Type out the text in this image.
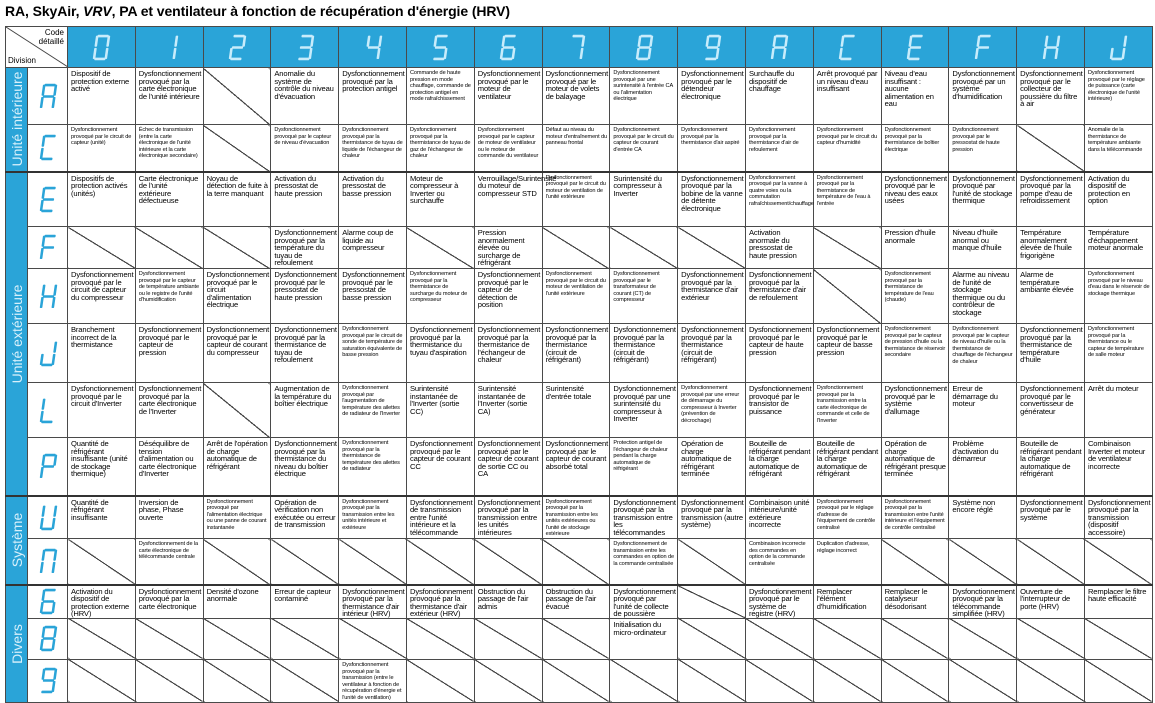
RA, SkyAir, VRV, PA et ventilateur à fonction de récupération d'énergie (HRV)
Code
détaillé
Division

Unité intérieure		Dispositif de protection externe activé	Dysfonctionnement provoqué par la carte électronique de l'unité intérieure		Anomalie du système de contrôle du niveau d'évacuation	Dysfonctionnement provoqué par la protection antigel	Commande de haute pression en mode chauffage, commande de protection antigel en mode rafraîchissement	Dysfonctionnement provoqué par le moteur de ventilateur	Dysfonctionnement provoqué par le moteur de volets de balayage	Dysfonctionnement provoqué par une surintensité à l'entrée CA ou l'alimentation électrique	Dysfonctionnement provoqué par le détendeur électronique	Surchauffe du dispositif de chauffage	Arrêt provoqué par un niveau d'eau insuffisant	Niveau d'eau insuffisant : aucune alimentation en eau	Dysfonctionnement provoqué par un système d'humidification	Dysfonctionnement provoqué par le collecteur de poussière du filtre à air	Dysfonctionnement provoqué par le réglage de puissance (carte électronique de l'unité intérieure)

	Dysfonctionnement provoqué par le circuit de capteur (unité)	Échec de transmission (entre la carte électronique de l'unité intérieure et la carte électronique secondaire)		Dysfonctionnement provoqué par le capteur de niveau d'évacuation	Dysfonctionnement provoqué par la thermistance de tuyau de liquide de l'échangeur de chaleur	Dysfonctionnement provoqué par la thermistance de tuyau de gaz de l'échangeur de chaleur	Dysfonctionnement provoqué par le capteur de moteur de ventilateur ou le moteur de commande du ventilateur	Défaut au niveau du moteur d'entraînement du panneau frontal	Dysfonctionnement provoqué par le circuit du capteur de courant d'entrée CA	Dysfonctionnement provoqué par la thermistance d'air aspiré	Dysfonctionnement provoqué par la thermistance d'air de refoulement	Dysfonctionnement provoqué par le circuit du capteur d'humidité	Dysfonctionnement provoqué par la thermistance de boîtier électrique	Dysfonctionnement provoqué par le pressostat de haute pression		Anomalie de la thermistance de température ambiante dans la télécommande

Unité extérieure		Dispositifs de protection activés (unités)	Carte électronique de l'unité extérieure défectueuse	Noyau de détection de fuite à la terre manquant	Activation du pressostat de haute pression	Activation du pressostat de basse pression	Moteur de compresseur à Inverter ou surchauffe	Verrouillage/Surintensité du moteur de compresseur STD	Dysfonctionnement provoqué par le circuit du moteur de ventilation de l'unité extérieure	Surintensité du compresseur à Inverter	Dysfonctionnement provoqué par la bobine de la vanne de détente électronique	Dysfonctionnement provoqué par la vanne à quatre voies ou la commutation rafraîchissement/chauffage	Dysfonctionnement provoqué par la thermistance de température de l'eau à l'entrée	Dysfonctionnement provoqué par le niveau des eaux usées	Dysfonctionnement provoqué par l'unité de stockage thermique	Dysfonctionnement provoqué par la pompe d'eau de refroidissement	Activation du dispositif de protection en option

				Dysfonctionnement provoqué par la température du tuyau de refoulement	Alarme coup de liquide au compresseur		Pression anormalement élevée ou surcharge de réfrigérant				Activation anormale du pressostat de haute pression		Pression d'huile anormale	Niveau d'huile anormal ou manque d'huile	Température anormalement élevée de l'huile frigorigène	Température d'échappement moteur anormale

	Dysfonctionnement provoqué par le circuit de capteur du compresseur	Dysfonctionnement provoqué par le capteur de température ambiante ou le registre de l'unité d'humidification	Dysfonctionnement provoqué par le circuit d'alimentation électrique	Dysfonctionnement provoqué par le pressostat de haute pression	Dysfonctionnement provoqué par le pressostat de basse pression	Dysfonctionnement provoqué par la thermistance de surcharge du moteur de compresseur	Dysfonctionnement provoqué par le capteur de détection de position	Dysfonctionnement provoqué par le circuit du moteur de ventilation de l'unité extérieure	Dysfonctionnement provoqué par le transformateur de courant (CT) de compresseur	Dysfonctionnement provoqué par la thermistance d'air extérieur	Dysfonctionnement provoqué par la thermistance d'air de refoulement		Dysfonctionnement provoqué par la thermistance de température de l'eau (chaude)	Alarme au niveau de l'unité de stockage thermique ou du contrôleur de stockage	Alarme de température ambiante élevée	Dysfonctionnement provoqué par le niveau d'eau dans le réservoir de stockage thermique

	Branchement incorrect de la thermistance	Dysfonctionnement provoqué par le capteur de pression	Dysfonctionnement provoqué par le capteur de courant du compresseur	Dysfonctionnement provoqué par la thermistance de tuyau de refoulement	Dysfonctionnement provoqué par le circuit de sonde de température de saturation équivalente de basse pression	Dysfonctionnement provoqué par la thermistance du tuyau d'aspiration	Dysfonctionnement provoqué par la thermistance de l'échangeur de chaleur	Dysfonctionnement provoqué par la thermistance (circuit de réfrigérant)	Dysfonctionnement provoqué par la thermistance (circuit de réfrigérant)	Dysfonctionnement provoqué par la thermistance (circuit de réfrigérant)	Dysfonctionnement provoqué par le capteur de haute pression	Dysfonctionnement provoqué par le capteur de basse pression	Dysfonctionnement provoqué par le capteur de pression d'huile ou la thermistance de réservoir secondaire	Dysfonctionnement provoqué par le capteur de niveau d'huile ou la thermistance de chauffage de l'échangeur de chaleur	Dysfonctionnement provoqué par la thermistance de température d'huile	Dysfonctionnement provoqué par la thermistance ou le capteur de température de salle moteur

	Dysfonctionnement provoqué par le circuit d'Inverter	Dysfonctionnement provoqué par la carte électronique de l'Inverter		Augmentation de la température du boîtier électrique	Dysfonctionnement provoqué par l'augmentation de température des ailettes de radiateur de l'Inverter	Surintensité instantanée de l'Inverter (sortie CC)	Surintensité instantanée de l'Inverter (sortie CA)	Surintensité d'entrée totale	Dysfonctionnement provoqué par une surintensité du compresseur à Inverter	Dysfonctionnement provoqué par une erreur de démarrage du compresseur à Inverter (prévention de décrochage)	Dysfonctionnement provoqué par le transistor de puissance	Dysfonctionnement provoqué par la transmission entre la carte électronique de commande et celle de l'Inverter	Dysfonctionnement provoqué par le système d'allumage	Erreur de démarrage du moteur	Dysfonctionnement provoqué par le convertisseur de générateur	Arrêt du moteur

	Quantité de réfrigérant insuffisante (unité de stockage thermique)	Déséquilibre de tension d'alimentation ou carte électronique d'Inverter	Arrêt de l'opération de charge automatique de réfrigérant	Dysfonctionnement provoqué par la thermistance du niveau du boîtier électrique	Dysfonctionnement provoqué par la thermistance de température des ailettes de radiateur	Dysfonctionnement provoqué par le capteur de courant CC	Dysfonctionnement provoqué par le capteur de courant de sortie CC ou CA	Dysfonctionnement provoqué par le capteur de courant absorbé total	Protection antigel de l'échangeur de chaleur pendant la charge automatique de réfrigérant	Opération de charge automatique de réfrigérant terminée	Bouteille de réfrigérant pendant la charge automatique de réfrigérant	Bouteille de réfrigérant pendant la charge automatique de réfrigérant	Opération de charge automatique de réfrigérant presque terminée	Problème d'activation du démarreur	Bouteille de réfrigérant pendant la charge automatique de réfrigérant	Combinaison Inverter et moteur de ventilateur incorrecte

Système		Quantité de réfrigérant insuffisante	Inversion de phase, Phase ouverte	Dysfonctionnement provoqué par l'alimentation électrique ou une panne de courant instantanée	Opération de vérification non exécutée ou erreur de transmission	Dysfonctionnement provoqué par la transmission entre les unités intérieure et extérieure	Dysfonctionnement de transmission entre l'unité intérieure et la télécommande	Dysfonctionnement provoqué par la transmission entre les unités intérieures	Dysfonctionnement provoqué par la transmission entre les unités extérieures ou l'unité de stockage extérieure	Dysfonctionnement provoqué par la transmission entre les télécommandes	Dysfonctionnement provoqué par la transmission (autre système)	Combinaison unité intérieure/unité extérieure incorrecte	Dysfonctionnement provoqué par le réglage d'adresse de l'équipement de contrôle centralisé	Dysfonctionnement provoqué par la transmission entre l'unité intérieure et l'équipement de contrôle centralisé	Système non encore réglé	Dysfonctionnement provoqué par le système	Dysfonctionnement provoqué par la transmission (dispositif accessoire)

		Dysfonctionnement de la carte électronique de télécommande centrale							Dysfonctionnement de transmission entre les commandes en option de la commande centralisée		Combinaison incorrecte des commandes en option de la commande centralisée	Duplication d'adresse, réglage incorrect				

Divers		Activation du dispositif de protection externe (HRV)	Dysfonctionnement provoqué par la carte électronique	Densité d'ozone anormale	Erreur de capteur contaminé	Dysfonctionnement provoqué par la thermistance d'air intérieur (HRV)	Dysfonctionnement provoqué par la thermistance d'air extérieur (HRV)	Obstruction du passage de l'air admis	Obstruction du passage de l'air évacué	Dysfonctionnement provoqué par l'unité de collecte de poussière		Dysfonctionnement provoqué par le système de registre (HRV)	Remplacer l'élément d'humidification	Remplacer le catalyseur désodorisant	Dysfonctionnement provoqué par la télécommande simplifiée (HRV)	Ouverture de l'interrupteur de porte (HRV)	Remplacer le filtre haute efficacité

									Initialisation du micro-ordinateur							

					Dysfonctionnement provoqué par la transmission (entre le ventilateur à fonction de récupération d'énergie et l'unité de ventilation)											
